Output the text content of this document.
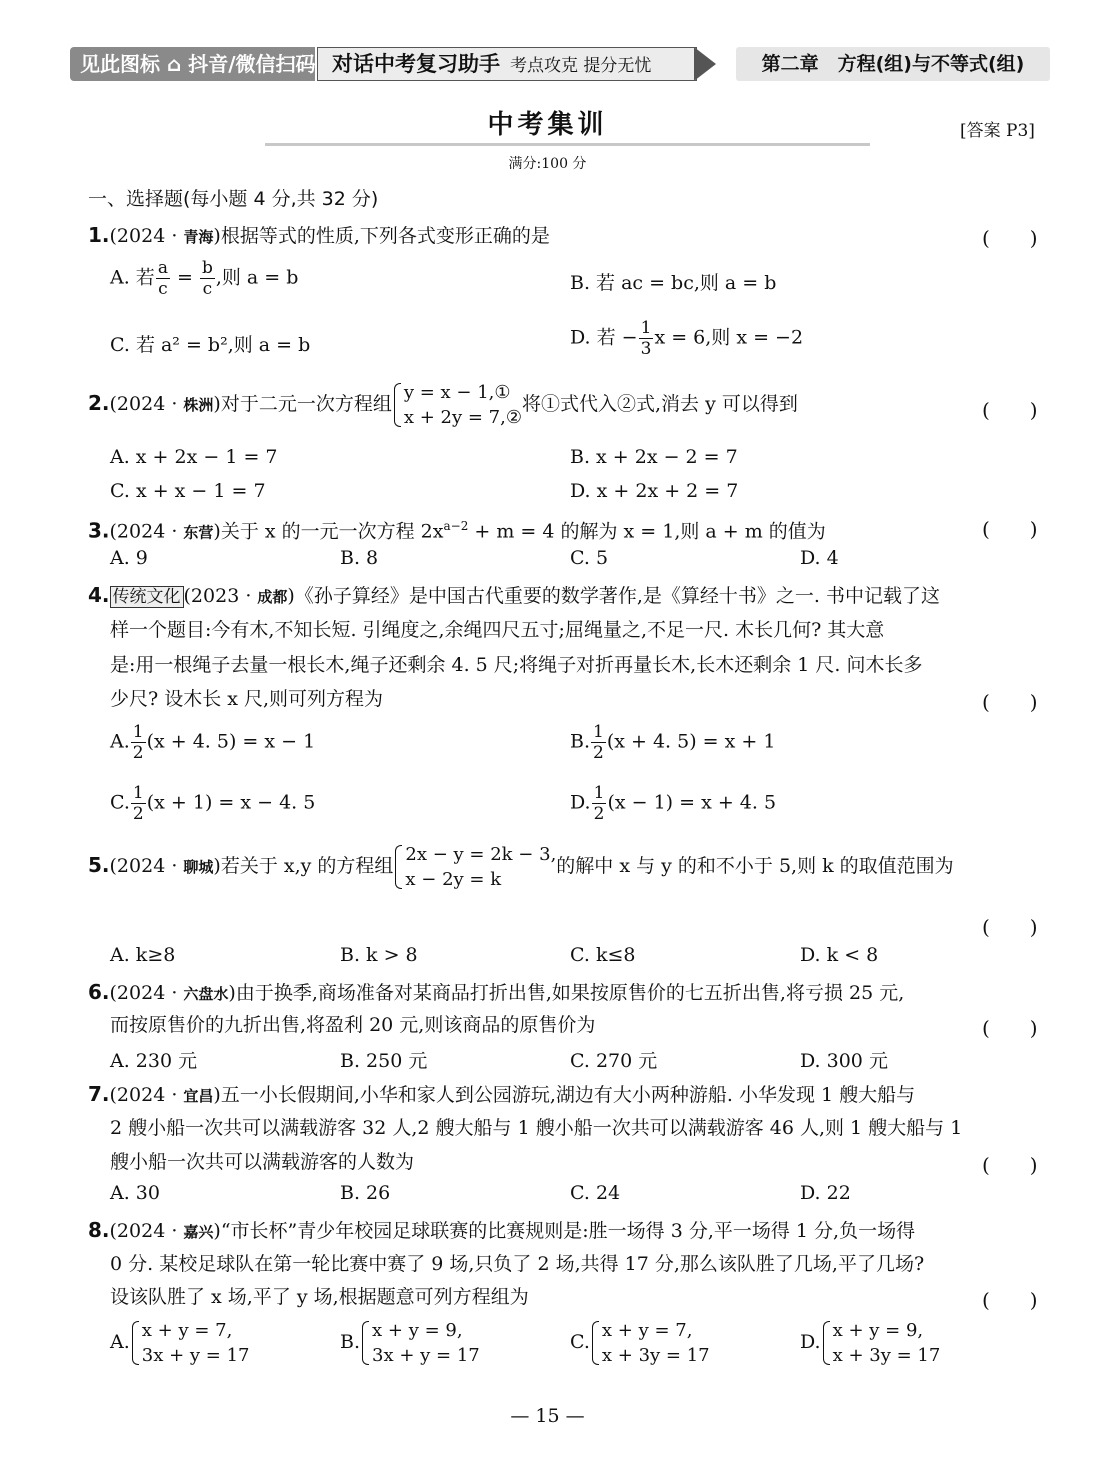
见此图标 ⌂ 抖音/微信扫码 对话中考复习助手 考点攻克 提分无忧	第二章　方程(组)与不等式(组)
中考集训	[答案 P3]
满分:100 分
一、选择题(每小题 4 分,共 32 分)
1.(2024 · 青海)根据等式的性质,下列各式变形正确的是	(　　)
A. 若 $\frac{a}{c} = \frac{b}{c}$ ,则 a = b	B. 若 ac = bc,则 a = b
C. 若 a² = b²,则 a = b	D. 若 − $\frac{1}{3}$ x = 6,则 x = −2
2.(2024 · 株洲)对于二元一次方程组
y = x − 1,①
x + 2y = 7,②
将①式代入②式,消去 y 可以得到	(　　)
A. x + 2x − 1 = 7	B. x + 2x − 2 = 7
C. x + x − 1 = 7	D. x + 2x + 2 = 7
3.(2024 · 东营)关于 x 的一元一次方程 $2x^{a-2} + m = 4$ 的解为 x = 1,则 a + m 的值为	(　　)
A. 9	B. 8	C. 5	D. 4
4. 传统文化 (2023 · 成都)《孙子算经》是中国古代重要的数学著作,是《算经十书》之一. 书中记载了这
样一个题目:今有木,不知长短. 引绳度之,余绳四尺五寸;屈绳量之,不足一尺. 木长几何? 其大意
是:用一根绳子去量一根长木,绳子还剩余 4. 5 尺;将绳子对折再量长木,长木还剩余 1 尺. 问木长多
少尺? 设木长 x 尺,则可列方程为	(　　)
A. $\frac{1}{2} (x + 4$. 5) = x − 1	B. $\frac{1}{2} (x + 4$. 5) = x + 1
C. $\frac{1}{2} (x + 1) = x - 4$. 5	D. $\frac{1}{2} (x - 1) = x + 4$. 5
5.(2024 · 聊城)若关于 x,y 的方程组
2x − y = 2k − 3,
x − 2y = k
的解中 x 与 y 的和不小于 5,则 k 的取值范围为
(　　)
A. k≥8	B. k > 8	C. k≤8	D. k < 8
6.(2024 · 六盘水)由于换季,商场准备对某商品打折出售,如果按原售价的七五折出售,将亏损 25 元,
而按原售价的九折出售,将盈利 20 元,则该商品的原售价为	(　　)
A. 230 元	B. 250 元	C. 270 元	D. 300 元
7.(2024 · 宜昌)五一小长假期间,小华和家人到公园游玩,湖边有大小两种游船. 小华发现 1 艘大船与
2 艘小船一次共可以满载游客 32 人,2 艘大船与 1 艘小船一次共可以满载游客 46 人,则 1 艘大船与 1
艘小船一次共可以满载游客的人数为	(　　)
A. 30	B. 26	C. 24	D. 22
8.(2024 · 嘉兴)“市长杯”青少年校园足球联赛的比赛规则是:胜一场得 3 分,平一场得 1 分,负一场得
0 分. 某校足球队在第一轮比赛中赛了 9 场,只负了 2 场,共得 17 分,那么该队胜了几场,平了几场?
设该队胜了 x 场,平了 y 场,根据题意可列方程组为	(　　)
A.
x + y = 7,
3x + y = 17
B.
x + y = 9,
3x + y = 17
C.
x + y = 7,
x + 3y = 17
D.
x + y = 9,
x + 3y = 17
— 15 —
